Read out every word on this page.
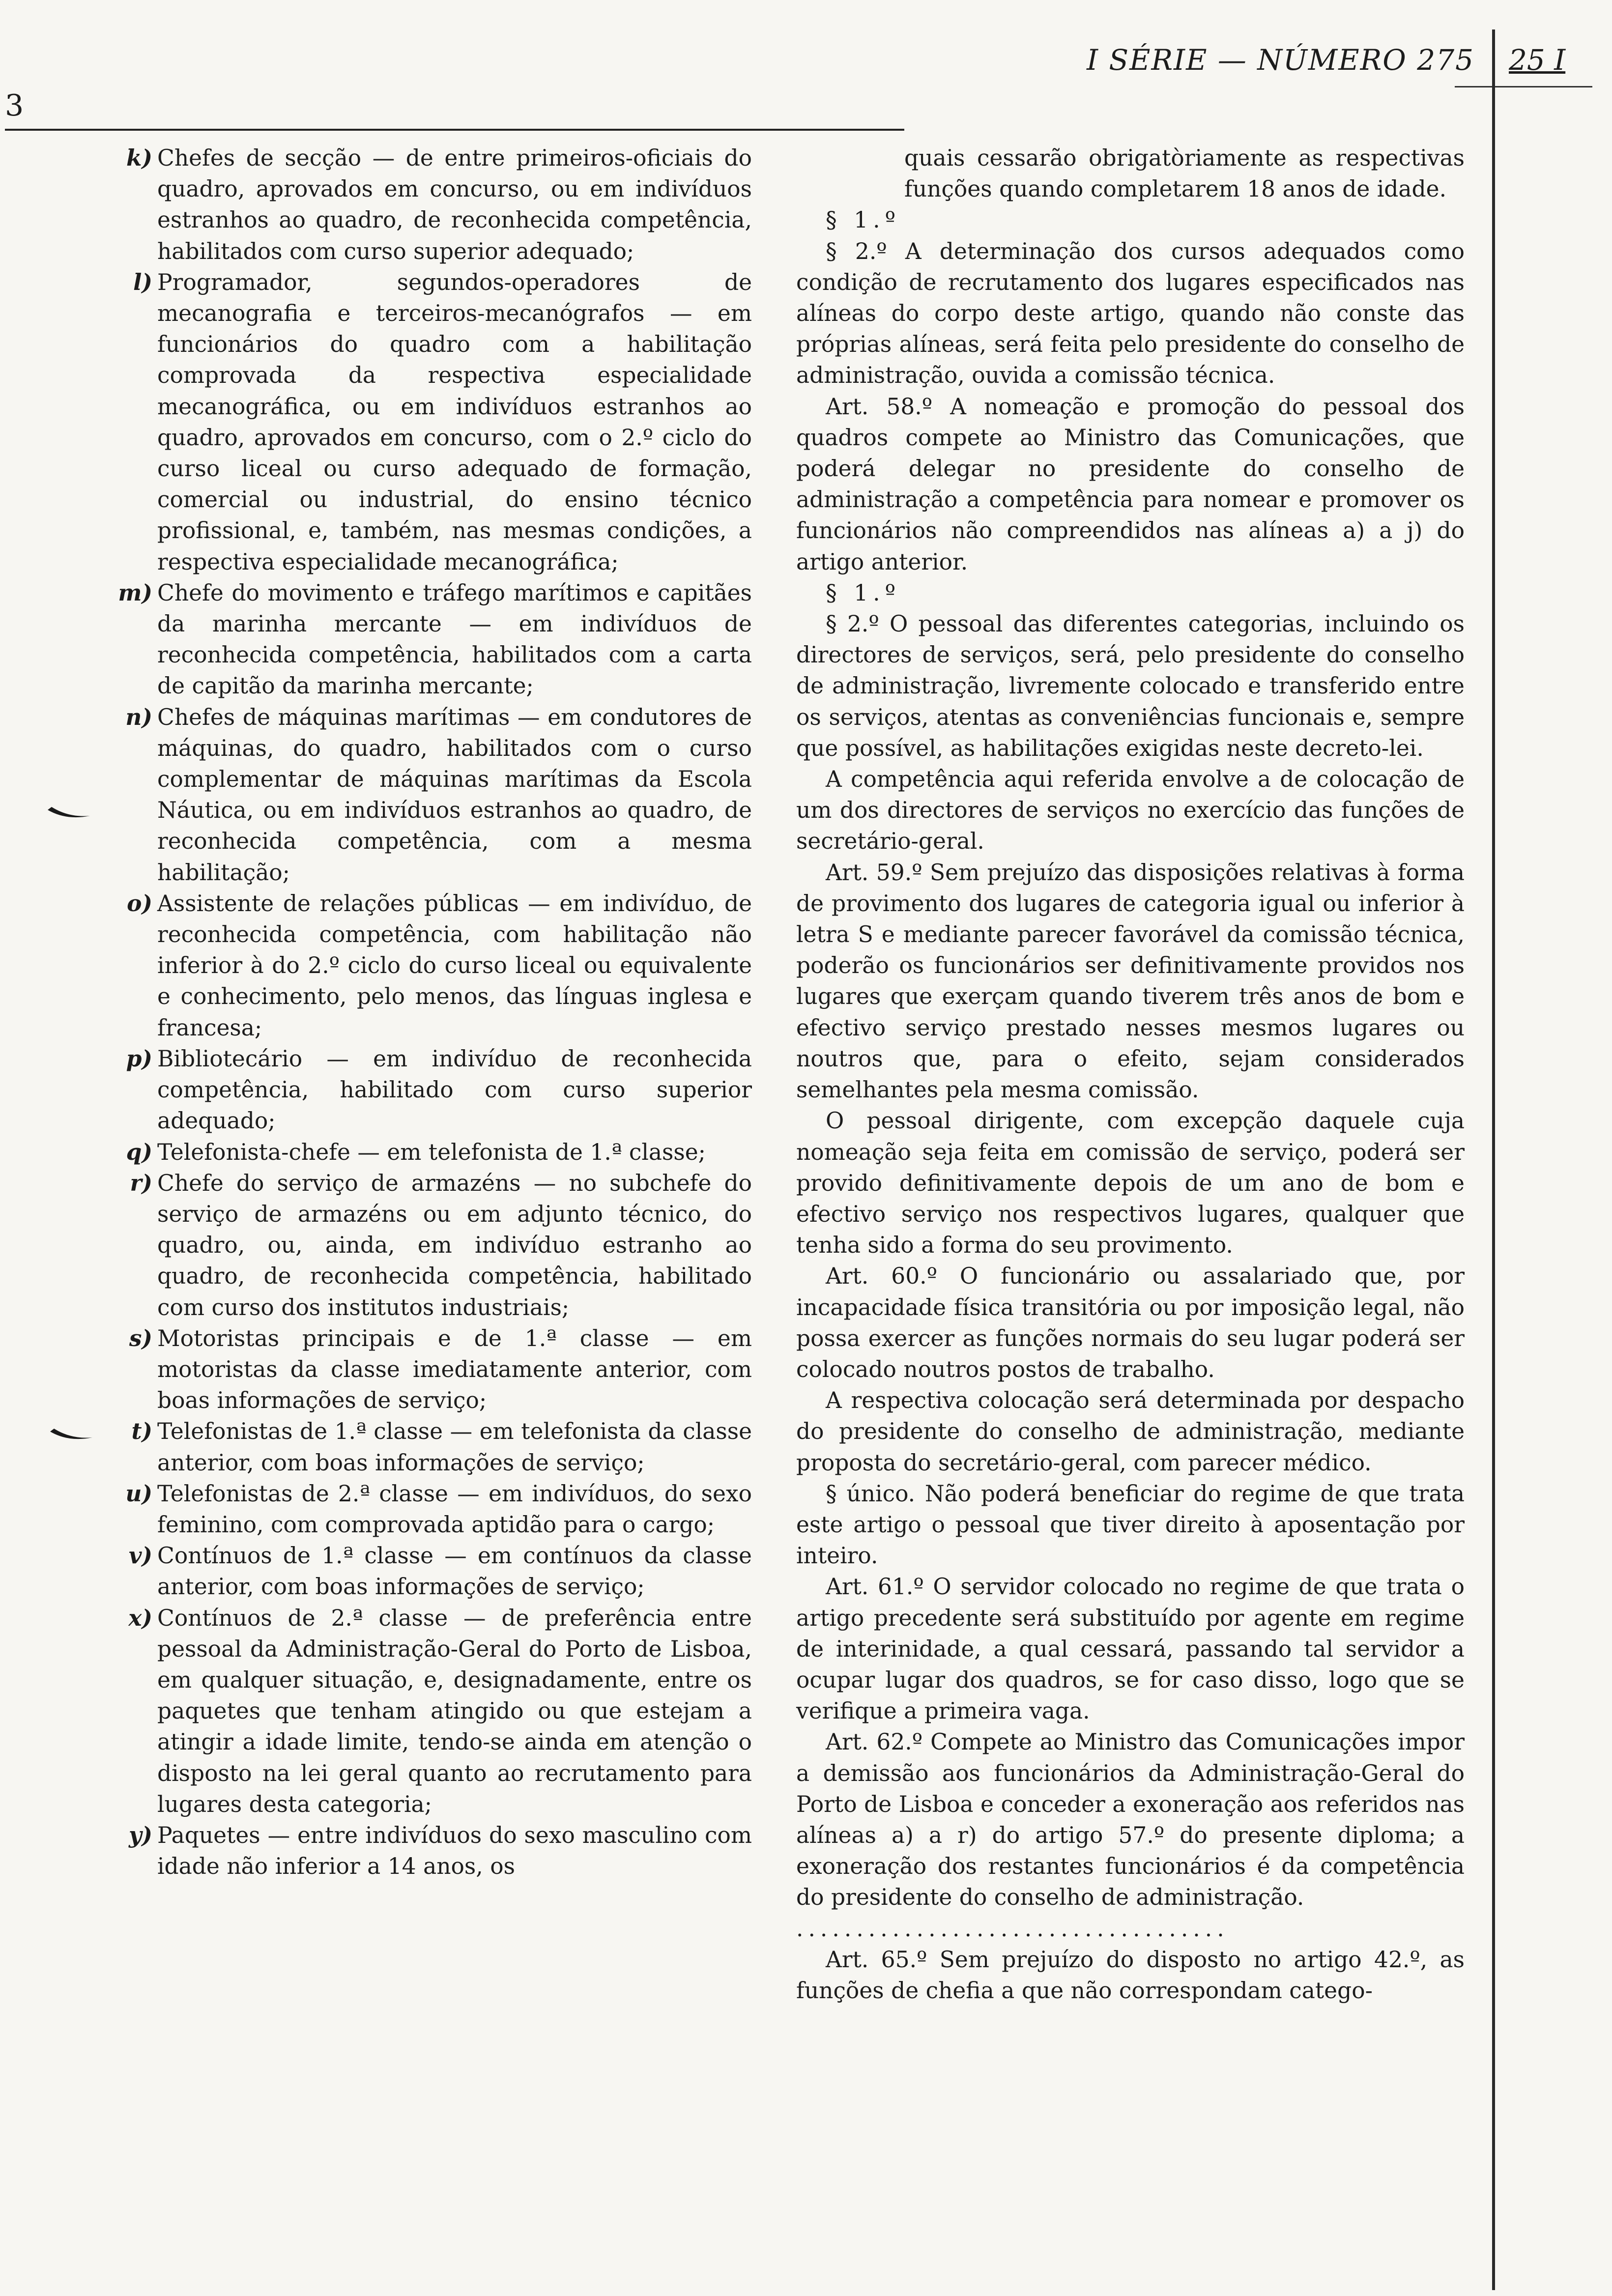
I SÉRIE — NÚMERO 275 25 I
3
k) Chefes de secção — de entre primeiros-oficiais do quadro, aprovados em concurso, ou em indivíduos estranhos ao quadro, de reconhecida competência, habilitados com curso superior adequado;
l) Programador, segundos-operadores de mecanografia e terceiros-mecanógrafos — em funcionários do quadro com a habilitação comprovada da respectiva especialidade mecanográfica, ou em indivíduos estranhos ao quadro, aprovados em concurso, com o 2.º ciclo do curso liceal ou curso adequado de formação, comercial ou industrial, do ensino técnico profissional, e, também, nas mesmas condições, a respectiva especialidade mecanográfica;
m) Chefe do movimento e tráfego marítimos e capitães da marinha mercante — em indivíduos de reconhecida competência, habilitados com a carta de capitão da marinha mercante;
n) Chefes de máquinas marítimas — em condutores de máquinas, do quadro, habilitados com o curso complementar de máquinas marítimas da Escola Náutica, ou em indivíduos estranhos ao quadro, de reconhecida competência, com a mesma habilitação;
o) Assistente de relações públicas — em indivíduo, de reconhecida competência, com habilitação não inferior à do 2.º ciclo do curso liceal ou equivalente e conhecimento, pelo menos, das línguas inglesa e francesa;
p) Bibliotecário — em indivíduo de reconhecida competência, habilitado com curso superior adequado;
q) Telefonista-chefe — em telefonista de 1.ª classe;
r) Chefe do serviço de armazéns — no subchefe do serviço de armazéns ou em adjunto técnico, do quadro, ou, ainda, em indivíduo estranho ao quadro, de reconhecida competência, habilitado com curso dos institutos industriais;
s) Motoristas principais e de 1.ª classe — em motoristas da classe imediatamente anterior, com boas informações de serviço;
t) Telefonistas de 1.ª classe — em telefonista da classe anterior, com boas informações de serviço;
u) Telefonistas de 2.ª classe — em indivíduos, do sexo feminino, com comprovada aptidão para o cargo;
v) Contínuos de 1.ª classe — em contínuos da classe anterior, com boas informações de serviço;
x) Contínuos de 2.ª classe — de preferência entre pessoal da Administração-Geral do Porto de Lisboa, em qualquer situação, e, designadamente, entre os paquetes que tenham atingido ou que estejam a atingir a idade limite, tendo-se ainda em atenção o disposto na lei geral quanto ao recrutamento para lugares desta categoria;
y) Paquetes — entre indivíduos do sexo masculino com idade não inferior a 14 anos, os

quais cessarão obrigatòriamente as respectivas funções quando completarem 18 anos de idade.

§ 1.º

§ 2.º A determinação dos cursos adequados como condição de recrutamento dos lugares especificados nas alíneas do corpo deste artigo, quando não conste das próprias alíneas, será feita pelo presidente do conselho de administração, ouvida a comissão técnica.

Art. 58.º A nomeação e promoção do pessoal dos quadros compete ao Ministro das Comunicações, que poderá delegar no presidente do conselho de administração a competência para nomear e promover os funcionários não compreendidos nas alíneas a) a j) do artigo anterior.

§ 1.º

§ 2.º O pessoal das diferentes categorias, incluindo os directores de serviços, será, pelo presidente do conselho de administração, livremente colocado e transferido entre os serviços, atentas as conveniências funcionais e, sempre que possível, as habilitações exigidas neste decreto-lei.

A competência aqui referida envolve a de colocação de um dos directores de serviços no exercício das funções de secretário-geral.

Art. 59.º Sem prejuízo das disposições relativas à forma de provimento dos lugares de categoria igual ou inferior à letra S e mediante parecer favorável da comissão técnica, poderão os funcionários ser definitivamente providos nos lugares que exerçam quando tiverem três anos de bom e efectivo serviço prestado nesses mesmos lugares ou noutros que, para o efeito, sejam considerados semelhantes pela mesma comissão.

O pessoal dirigente, com excepção daquele cuja nomeação seja feita em comissão de serviço, poderá ser provido definitivamente depois de um ano de bom e efectivo serviço nos respectivos lugares, qualquer que tenha sido a forma do seu provimento.

Art. 60.º O funcionário ou assalariado que, por incapacidade física transitória ou por imposição legal, não possa exercer as funções normais do seu lugar poderá ser colocado noutros postos de trabalho.

A respectiva colocação será determinada por despacho do presidente do conselho de administração, mediante proposta do secretário-geral, com parecer médico.

§ único. Não poderá beneficiar do regime de que trata este artigo o pessoal que tiver direito à aposentação por inteiro.

Art. 61.º O servidor colocado no regime de que trata o artigo precedente será substituído por agente em regime de interinidade, a qual cessará, passando tal servidor a ocupar lugar dos quadros, se for caso disso, logo que se verifique a primeira vaga.

Art. 62.º Compete ao Ministro das Comunicações impor a demissão aos funcionários da Administração-Geral do Porto de Lisboa e conceder a exoneração aos referidos nas alíneas a) a r) do artigo 57.º do presente diploma; a exoneração dos restantes funcionários é da competência do presidente do conselho de administração.

....................................

Art. 65.º Sem prejuízo do disposto no artigo 42.º, as funções de chefia a que não correspondam catego-
